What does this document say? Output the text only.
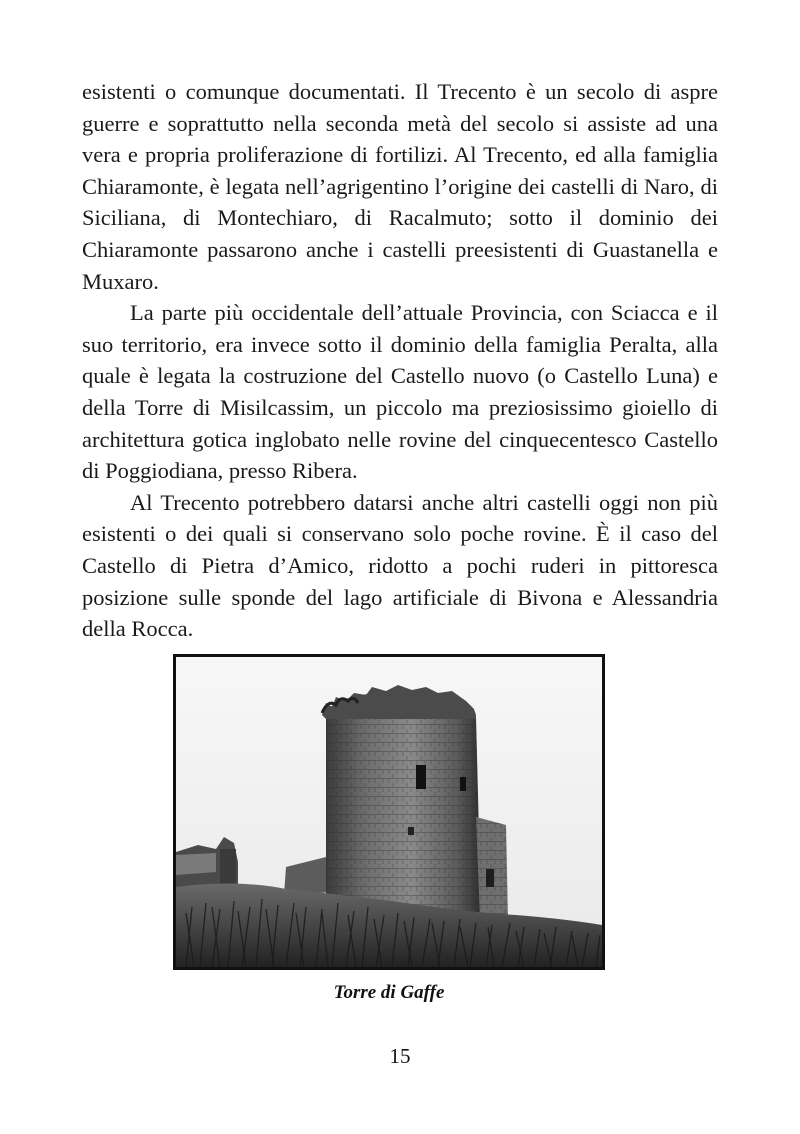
esistenti o comunque documentati. Il Trecento è un secolo di aspre guerre e soprattutto nella seconda metà del secolo si assiste ad una vera e propria proliferazione di fortilizi. Al Trecento, ed alla famiglia Chiaramonte, è legata nell’agrigentino l’origine dei castelli di Naro, di Siciliana, di Montechiaro, di Racalmuto; sotto il dominio dei Chiaramonte passarono anche i castelli preesistenti di Guastanella e Muxaro.

La parte più occidentale dell’attuale Provincia, con Sciacca e il suo territorio, era invece sotto il dominio della famiglia Peralta, alla quale è legata la costruzione del Castello nuovo (o Castello Luna) e della Torre di Misilcassim, un piccolo ma preziosissimo gioiello di architettura gotica inglobato nelle rovine del cinquecentesco Castello di Poggiodiana, presso Ribera.

Al Trecento potrebbero datarsi anche altri castelli oggi non più esistenti o dei quali si conservano solo poche rovine. È il caso del Castello di Pietra d’Amico, ridotto a pochi ruderi in pittoresca posizione sulle sponde del lago artificiale di Bivona e Alessandria della Rocca.

Torre di Gaffe
15
